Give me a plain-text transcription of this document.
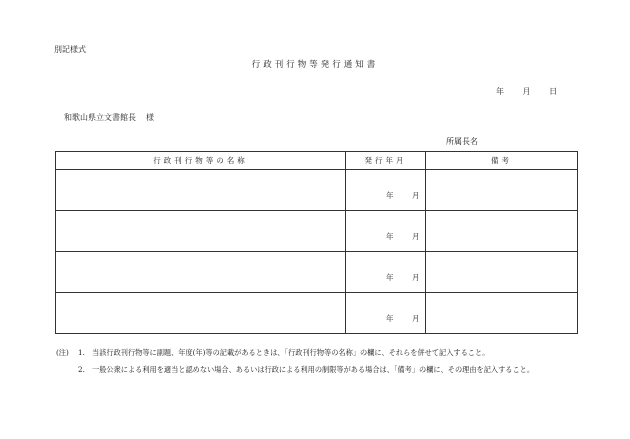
別記様式
行政刊行物等発行通知書
年 月 日
和歌山県立文書館長 様
所属長名
行政刊行物等の名称	発行年月	備考

	年 月	

	年 月	

	年 月	

	年 月	

(注)	1. 当該行政刊行物等に副題、年度(年)等の記載があるときは、「行政刊行物等の名称」の欄に、それらを併せて記入すること。
2. 一般公衆による利用を適当と認めない場合、あるいは行政による利用の制限等がある場合は、「備考」の欄に、その理由を記入すること。
